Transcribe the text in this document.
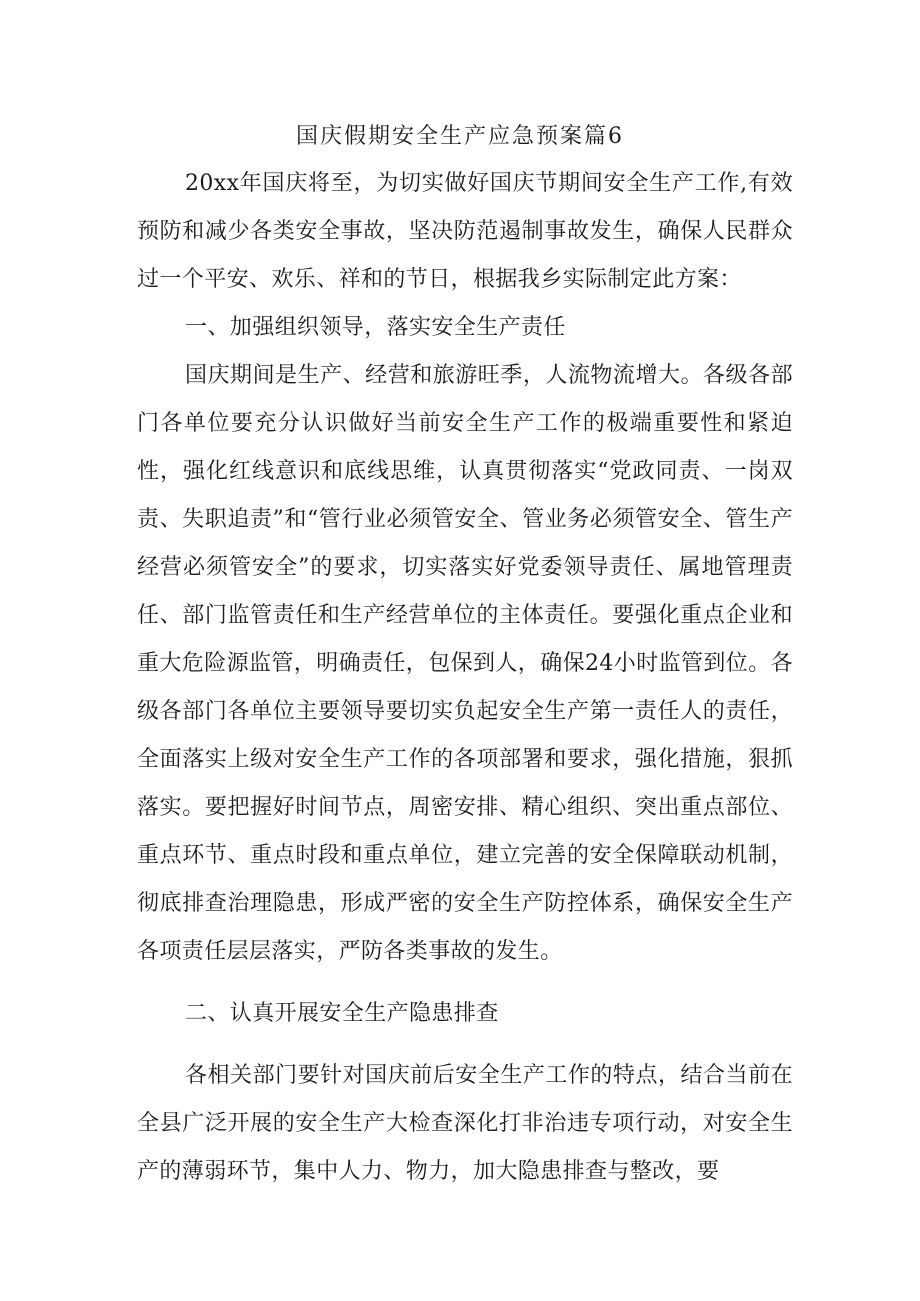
国庆假期安全生产应急预案篇6

20xx年国庆将至，为切实做好国庆节期间安全生产工作,有效预防和减少各类安全事故，坚决防范遏制事故发生，确保人民群众过一个平安、欢乐、祥和的节日，根据我乡实际制定此方案：

一、加强组织领导，落实安全生产责任

国庆期间是生产、经营和旅游旺季，人流物流增大。各级各部门各单位要充分认识做好当前安全生产工作的极端重要性和紧迫性，强化红线意识和底线思维，认真贯彻落实“党政同责、一岗双责、失职追责”和“管行业必须管安全、管业务必须管安全、管生产经营必须管安全”的要求，切实落实好党委领导责任、属地管理责任、部门监管责任和生产经营单位的主体责任。要强化重点企业和重大危险源监管，明确责任，包保到人，确保24小时监管到位。各级各部门各单位主要领导要切实负起安全生产第一责任人的责任，全面落实上级对安全生产工作的各项部署和要求，强化措施，狠抓落实。要把握好时间节点，周密安排、精心组织、突出重点部位、重点环节、重点时段和重点单位，建立完善的安全保障联动机制，彻底排查治理隐患，形成严密的安全生产防控体系，确保安全生产各项责任层层落实，严防各类事故的发生。

二、认真开展安全生产隐患排查

各相关部门要针对国庆前后安全生产工作的特点，结合当前在全县广泛开展的安全生产大检查深化打非治违专项行动，对安全生产的薄弱环节，集中人力、物力，加大隐患排查与整改，要
